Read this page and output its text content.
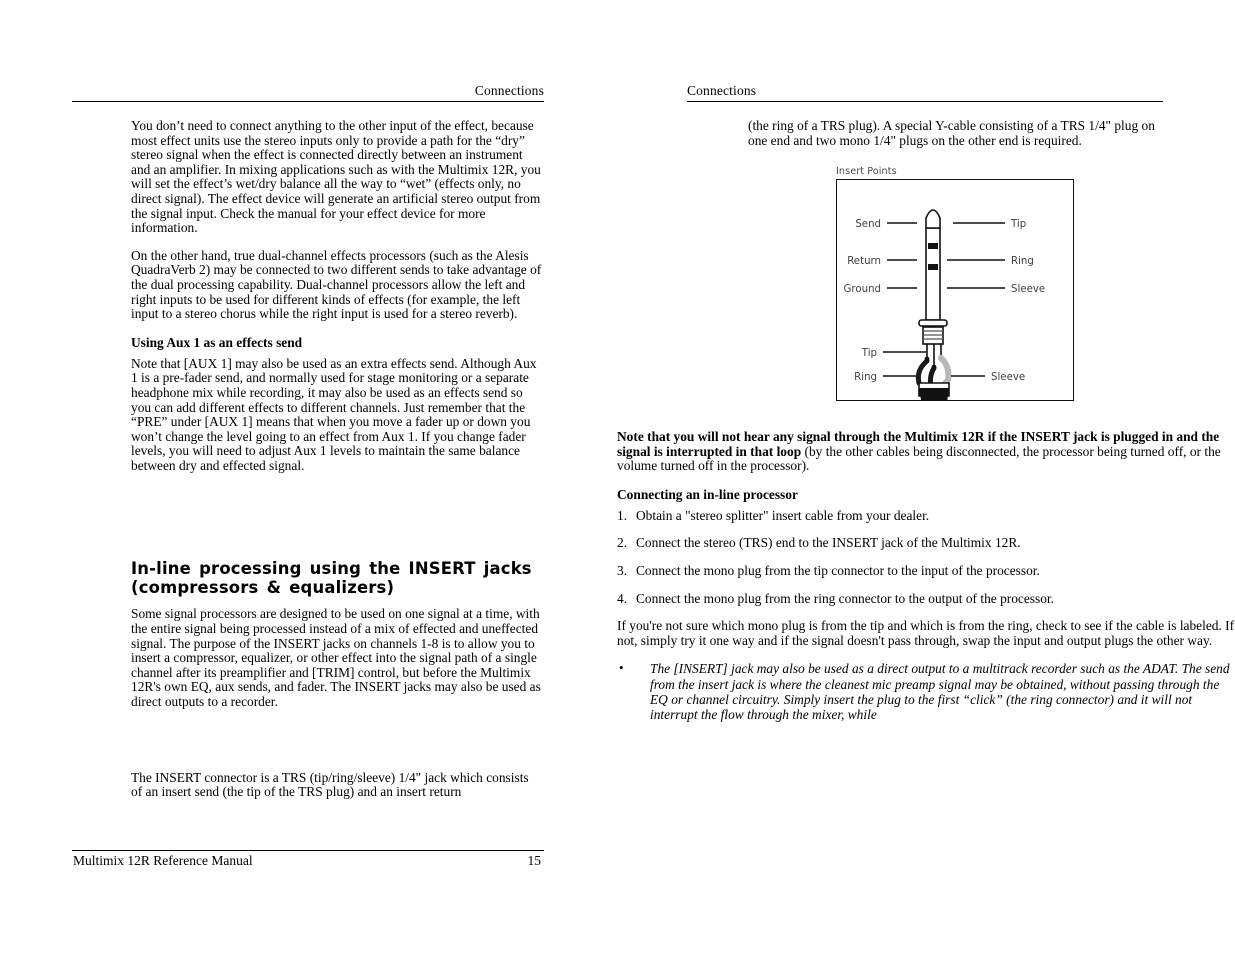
Connections

You don’t need to connect anything to the other input of the effect, because most effect units use the stereo inputs only to provide a path for the “dry” stereo signal when the effect is connected directly between an instrument and an amplifier. In mixing applications such as with the Multimix 12R, you will set the effect’s wet/dry balance all the way to “wet” (effects only, no direct signal). The effect device will generate an artificial stereo output from the signal input. Check the manual for your effect device for more information.

On the other hand, true dual-channel effects processors (such as the Alesis QuadraVerb 2) may be connected to two different sends to take advantage of the dual processing capability. Dual-channel processors allow the left and right inputs to be used for different kinds of effects (for example, the left input to a stereo chorus while the right input is used for a stereo reverb).

Using Aux 1 as an effects send

Note that [AUX 1] may also be used as an extra effects send. Although Aux 1 is a pre-fader send, and normally used for stage monitoring or a separate headphone mix while recording, it may also be used as an effects send so you can add different effects to different channels. Just remember that the “PRE” under [AUX 1] means that when you move a fader up or down you won’t change the level going to an effect from Aux 1. If you change fader levels, you will need to adjust Aux 1 levels to maintain the same balance between dry and effected signal.

In-line processing using the INSERT jacks
(compressors & equalizers)

Some signal processors are designed to be used on one signal at a time, with the entire signal being processed instead of a mix of effected and uneffected signal. The purpose of the INSERT jacks on channels 1-8 is to allow you to insert a compressor, equalizer, or other effect into the signal path of a single channel after its preamplifier and [TRIM] control, but before the Multimix 12R's own EQ, aux sends, and fader. The INSERT jacks may also be used as direct outputs to a recorder.

The INSERT connector is a TRS (tip/ring/sleeve) 1/4" jack which consists of an insert send (the tip of the TRS plug) and an insert return

Multimix 12R Reference Manual	15
Connections

(the ring of a TRS plug). A special Y-cable consisting of a TRS 1/4" plug on one end and two mono 1/4" plugs on the other end is required.

Insert Points
Send
Return
Ground
Tip
Ring
Sleeve
Tip
Ring	Sleeve

Note that you will not hear any signal through the Multimix 12R if the INSERT jack is plugged in and the signal is interrupted in that loop (by the other cables being disconnected, the processor being turned off, or the volume turned off in the processor).

Connecting an in-line processor
1. Obtain a "stereo splitter" insert cable from your dealer.
2. Connect the stereo (TRS) end to the INSERT jack of the Multimix 12R.
3. Connect the mono plug from the tip connector to the input of the processor.
4. Connect the mono plug from the ring connector to the output of the processor.

If you're not sure which mono plug is from the tip and which is from the ring, check to see if the cable is labeled. If not, simply try it one way and if the signal doesn't pass through, swap the input and output plugs the other way.

• The [INSERT] jack may also be used as a direct output to a multitrack recorder such as the ADAT. The send from the insert jack is where the cleanest mic preamp signal may be obtained, without passing through the EQ or channel circuitry. Simply insert the plug to the first “click” (the ring connector) and it will not interrupt the flow through the mixer, while
